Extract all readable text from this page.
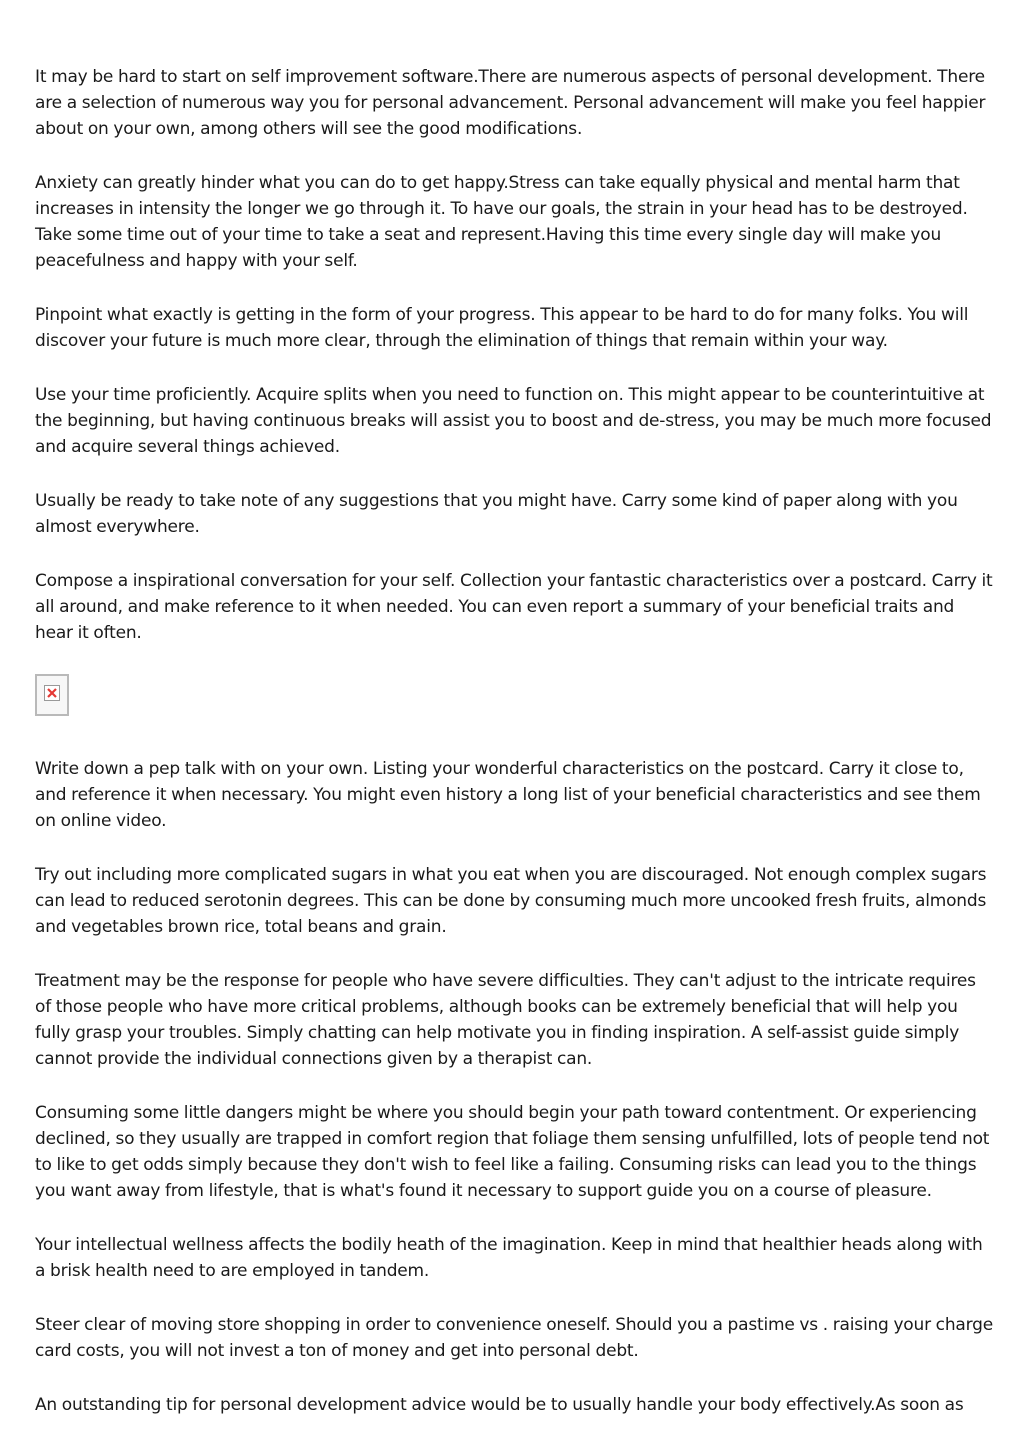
It may be hard to start on self improvement software.There are numerous aspects of personal development. There are a selection of numerous way you for personal advancement. Personal advancement will make you feel happier about on your own, among others will see the good modifications.

Anxiety can greatly hinder what you can do to get happy.Stress can take equally physical and mental harm that increases in intensity the longer we go through it. To have our goals, the strain in your head has to be destroyed. Take some time out of your time to take a seat and represent.Having this time every single day will make you peacefulness and happy with your self.

Pinpoint what exactly is getting in the form of your progress. This appear to be hard to do for many folks. You will discover your future is much more clear, through the elimination of things that remain within your way.

Use your time proficiently. Acquire splits when you need to function on. This might appear to be counterintuitive at the beginning, but having continuous breaks will assist you to boost and de-stress, you may be much more focused and acquire several things achieved.

Usually be ready to take note of any suggestions that you might have. Carry some kind of paper along with you almost everywhere.

Compose a inspirational conversation for your self. Collection your fantastic characteristics over a postcard. Carry it all around, and make reference to it when needed. You can even report a summary of your beneficial traits and hear it often.

Write down a pep talk with on your own. Listing your wonderful characteristics on the postcard. Carry it close to, and reference it when necessary. You might even history a long list of your beneficial characteristics and see them on online video.

Try out including more complicated sugars in what you eat when you are discouraged. Not enough complex sugars can lead to reduced serotonin degrees. This can be done by consuming much more uncooked fresh fruits, almonds and vegetables brown rice, total beans and grain.

Treatment may be the response for people who have severe difficulties. They can't adjust to the intricate requires of those people who have more critical problems, although books can be extremely beneficial that will help you fully grasp your troubles. Simply chatting can help motivate you in finding inspiration. A self-assist guide simply cannot provide the individual connections given by a therapist can.

Consuming some little dangers might be where you should begin your path toward contentment. Or experiencing declined, so they usually are trapped in comfort region that foliage them sensing unfulfilled, lots of people tend not to like to get odds simply because they don't wish to feel like a failing. Consuming risks can lead you to the things you want away from lifestyle, that is what's found it necessary to support guide you on a course of pleasure.

Your intellectual wellness affects the bodily heath of the imagination. Keep in mind that healthier heads along with a brisk health need to are employed in tandem.

Steer clear of moving store shopping in order to convenience oneself. Should you a pastime vs . raising your charge card costs, you will not invest a ton of money and get into personal debt.

An outstanding tip for personal development advice would be to usually handle your body effectively.As soon as
